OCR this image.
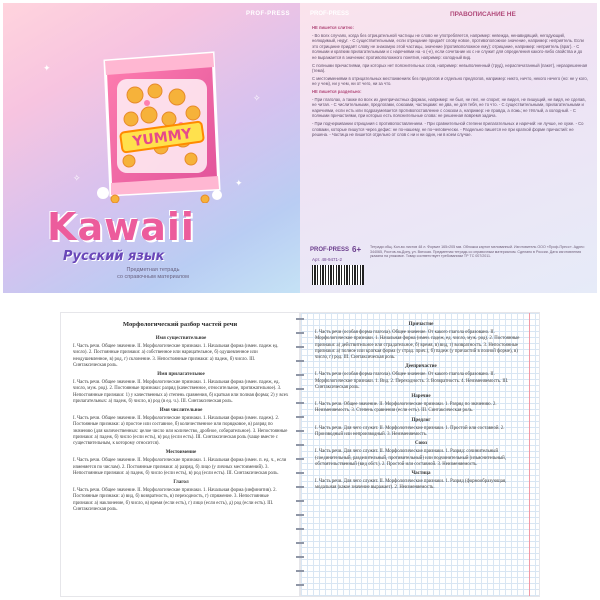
PROF-PRESS
✦
✧
✧	✦
YUMMY
Kawaii
Русский язык
Предметная тетрадь
со справочным материалом
PROF-PRESS	ПРАВОПИСАНИЕ НЕ

НЕ пишется слитно:

- Во всех случаях, когда без отрицательной частицы не слово не употребляется, например: невежда, ненавидящий, негодующий, нелюдимый, недуг. - С существительными, если отрицание придаёт слову новое, противоположное значение, например: неприятель. Если это отрицание придаёт слову не знакомую этой частицы, значение (противоположное ему): отрицание, например: неприятель (враг). - С полными и кратким прилагательными и с наречиями на -о (-е), если сочетание их с не служит для определения какого-либо свойства и до не выражается в значении: противоположного понятия, например: холодный вид.

С полными причастиями, при которых нет пояснительных слов, например: невыполненный (труд), нераспечатанный (пакет), неразрешенная (тема).

С местоимениями в отрицательных местоимениях без предлогов и отдельно предлогов, например: никто, ничто, некого нечего (но: не у кого, не у чем), ни у чем, ни от чего, ни за что.

НЕ пишется раздельно:

- При глаголах, а также во всех их деепричастных формах, например: не был, не пел, не спорит, не видел, не пишущий, не видя, не сделав, не читая. - С числительными, предлогами, союзами, частицами: не два, не для тебя, не то что. - С существительными, прилагательными и наречиями, если есть или подразумевается противопоставление с союзом а, например: не правда, а ложь; не тёплый, а холодный. - С полными причастиями, при которых есть пояснительные слова: не решенная вовремя задача.

- При подчеркивании отрицания с противопоставлением. - При сравнительной степени прилагательных и наречий: не лучше, не хуже. - Со словами, которые пишутся через дефис: не по-нашему, не по-человечески. - Раздельно пишется не при краткой форме причастий: не решена. - Частица не пишется отдельно от слов с ни и ни один, ни в коем случае.

PROF-PRESS 6+
Арт. 48-9471-2
Тетради общ. Кол-во листов 48 л. Формат 165×205 мм. Обложка картон мелованный. Изготовитель ООО «Проф-Пресс». Адрес: 344065, Ростов-на-Дону, ул. Вятская. Предметная тетрадь со справочным материалом. Сделано в России. Дата изготовления указана на упаковке. Товар соответствует требованиям ТР ТС 007/2011.
Морфологический разбор частей речи
Имя существительное

I. Часть речи. Общее значение. II. Морфологические признаки. 1. Начальная форма (имен. падеж ед. число). 2. Постоянные признаки: а) собственное или нарицательное, б) одушевленное или неодушевленное, в) род, г) склонение. 3. Непостоянные признаки: а) падеж, б) число. III. Синтаксическая роль.

Имя прилагательное

I. Часть речи. Общее значение. II. Морфологические признаки. 1. Начальная форма (имен. падеж, ед. число, муж. род). 2. Постоянные признаки: разряд (качественное, относительное, притяжательное). 3. Непостоянные признаки: 1) у качественных а) степень сравнения, б) краткая или полная форма; 2) у всех прилагательных: а) падеж, б) число, в) род (в ед. ч.). III. Синтаксическая роль.

Имя числительное

I. Часть речи. Общее значение. II. Морфологические признаки. 1. Начальная форма (имен. падеж). 2. Постоянные признаки: а) простое или составное, б) количественное или порядковое, в) разряд по значению (для количественных: целое число или количество, дробное, собирательное). 3. Непостоянные признаки: а) падеж, б) число (если есть), в) род (если есть). III. Синтаксическая роль (чаще вместе с существительным, к которому относится).

Местоимение

I. Часть речи. Общее значение. II. Морфологические признаки. 1. Начальная форма (имен. п. ед. ч., если изменяется по числам). 2. Постоянные признаки: а) разряд, б) лицо (у личных местоимений). 3. Непостоянные признаки: а) падеж, б) число (если есть), в) род (если есть). III. Синтаксическая роль.

Глагол

I. Часть речи. Общее значение. II. Морфологические признаки. 1. Начальная форма (инфинитив). 2. Постоянные признаки: а) вид, б) возвратность, в) переходность, г) спряжение. 3. Непостоянные признаки: а) наклонение, б) число, в) время (если есть), г) лицо (если есть), д) род (если есть). III. Синтаксическая роль.

Причастие

I. Часть речи (особая форма глагола). Общее значение. От какого глагола образовано. II. Морфологические признаки. 1. Начальная форма (имен. падеж, ед. число, муж. род). 2. Постоянные признаки: а) действительное или страдательное, б) время, в) вид, г) возвратность. 3. Непостоянные признаки: а) полное или краткая форма (у страд. прич.), б) падеж (у причастий в полной форме), в) число, г) род. III. Синтаксическая роль.

Деепричастие

I. Часть речи (особая форма глагола). Общее значение. От какого глагола образовано. II. Морфологические признаки. 1. Вид. 2. Переходность. 3. Возвратность. 4. Неизменяемость. III. Синтаксическая роль.

Наречие

I. Часть речи. Общее значение. II. Морфологические признаки. 1. Разряд по значению. 2. Неизменяемость. 3. Степень сравнения (если есть). III. Синтаксическая роль.

Предлог

I. Часть речи. Для чего служит. II. Морфологические признаки. 1. Простой или составной. 2. Производный или непроизводный. 3. Неизменяемость.

Союз

I. Часть речи. Для чего служит. II. Морфологические признаки. 1. Разряд: сочинительный (соединительный, разделительный, противительный) или подчинительный (изъяснительный, обстоятельственный (вид обст.). 2. Простой или составной. 3. Неизменяемость.

Частица

I. Часть речи. Для чего служит. II. Морфологические признаки. 1. Разряд (формообразующая, модальная (какое значение выражает). 2. Неизменяемость.
